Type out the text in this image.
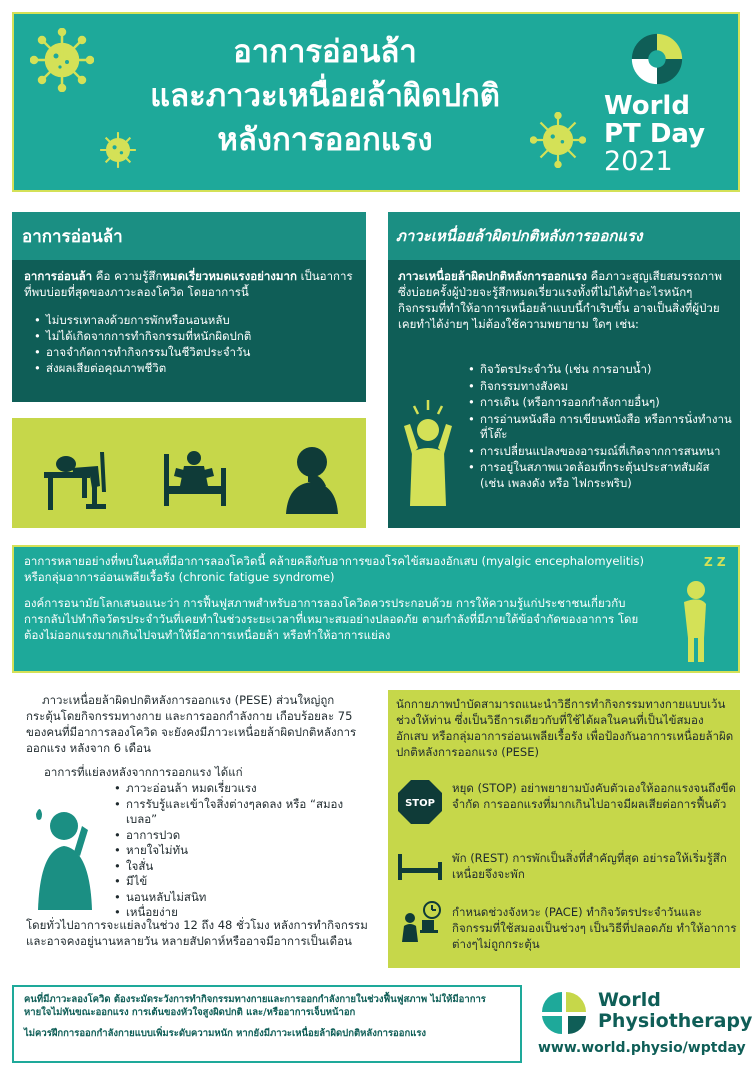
อาการอ่อนล้า
และภาวะเหนื่อยล้าผิดปกติ
หลังการออกแรง
World
PT Day
2021
อาการอ่อนล้า
อาการอ่อนล้า คือ ความรู้สึกหมดเรี่ยวหมดแรงอย่างมาก เป็นอาการที่พบบ่อยที่สุดของภาวะลองโควิด โดยอาการนี้
• ไม่บรรเทาลงด้วยการพักหรือนอนหลับ
• ไม่ได้เกิดจากการทำกิจกรรมที่หนักผิดปกติ
• อาจจำกัดการทำกิจกรรมในชีวิตประจำวัน
• ส่งผลเสียต่อคุณภาพชีวิต
ภาวะเหนื่อยล้าผิดปกติหลังการออกแรง
ภาวะเหนื่อยล้าผิดปกติหลังการออกแรง คือภาวะสูญเสียสมรรถภาพ ซึ่งบ่อยครั้งผู้ป่วยจะรู้สึกหมดเรี่ยวแรงทั้งที่ไม่ได้ทำอะไรหนักๆ กิจกรรมที่ทำให้อาการเหนื่อยล้าแบบนี้กำเริบขึ้น อาจเป็นสิ่งที่ผู้ป่วยเคยทำได้ง่ายๆ ไม่ต้องใช้ความพยายาม ใดๆ เช่น:
• กิจวัตรประจำวัน (เช่น การอาบน้ำ)
• กิจกรรมทางสังคม
• การเดิน (หรือการออกกำลังกายอื่นๆ)
• การอ่านหนังสือ การเขียนหนังสือ หรือการนั่งทำงานที่โต๊ะ
• การเปลี่ยนแปลงของอารมณ์ที่เกิดจากการสนทนา
• การอยู่ในสภาพแวดล้อมที่กระตุ้นประสาทสัมผัส (เช่น เพลงดัง หรือ ไฟกระพริบ)

อาการหลายอย่างที่พบในคนที่มีอาการลองโควิดนี้ คล้ายคลึงกับอาการของโรคไข้สมองอักเสบ (myalgic encephalomyelitis) หรือกลุ่มอาการอ่อนเพลียเรื้อรัง (chronic fatigue syndrome)

องค์การอนามัยโลกเสนอแนะว่า การฟื้นฟูสภาพสำหรับอาการลองโควิดควรประกอบด้วย การให้ความรู้แก่ประชาชนเกี่ยวกับการกลับไปทำกิจวัตรประจำวันที่เคยทำในช่วงระยะเวลาที่เหมาะสมอย่างปลอดภัย ตามกำลังที่มีภายใต้ข้อจำกัดของอาการ โดยต้องไม่ออกแรงมากเกินไปจนทำให้มีอาการเหนื่อยล้า หรือทำให้อาการแย่ลง

Z Z
ภาวะเหนื่อยล้าผิดปกติหลังการออกแรง (PESE) ส่วนใหญ่ถูกกระตุ้นโดยกิจกรรมทางกาย และการออกกำลังกาย เกือบร้อยละ 75 ของคนที่มีอาการลองโควิด จะยังคงมีภาวะเหนื่อยล้าผิดปกติหลังการออกแรง หลังจาก 6 เดือน
อาการที่แย่ลงหลังจากการออกแรง ได้แก่
• ภาวะอ่อนล้า หมดเรี่ยวแรง
• การรับรู้และเข้าใจสิ่งต่างๆลดลง หรือ “สมองเบลอ”
• อาการปวด
• หายใจไม่ทัน
• ใจสั่น
• มีไข้
• นอนหลับไม่สนิท
• เหนื่อยง่าย
โดยทั่วไปอาการจะแย่ลงในช่วง 12 ถึง 48 ชั่วโมง หลังการทำกิจกรรม และอาจคงอยู่นานหลายวัน หลายสัปดาห์หรืออาจมีอาการเป็นเดือน
นักกายภาพบำบัดสามารถแนะนำวิธีการทำกิจกรรมทางกายแบบเว้นช่วงให้ท่าน ซึ่งเป็นวิธีการเดียวกับที่ใช้ได้ผลในคนที่เป็นไข้สมองอักเสบ หรือกลุ่มอาการอ่อนเพลียเรื้อรัง เพื่อป้องกันอาการเหนื่อยล้าผิดปกติหลังการออกแรง (PESE)
STOP
หยุด (STOP) อย่าพยายามบังคับตัวเองให้ออกแรงจนถึงขีดจำกัด การออกแรงที่มากเกินไปอาจมีผลเสียต่อการฟื้นตัว
พัก (REST) การพักเป็นสิ่งที่สำคัญที่สุด อย่ารอให้เริ่มรู้สึกเหนื่อยจึงจะพัก
กำหนดช่วงจังหวะ (PACE) ทำกิจวัตรประจำวันและกิจกรรมที่ใช้สมองเป็นช่วงๆ เป็นวิธีที่ปลอดภัย ทำให้อาการต่างๆไม่ถูกกระตุ้น

คนที่มีภาวะลองโควิด ต้องระมัดระวังการทำกิจกรรมทางกายและการออกกำลังกายในช่วงฟื้นฟูสภาพ ไม่ให้มีอาการหายใจไม่ทันขณะออกแรง การเต้นของหัวใจสูงผิดปกติ และ/หรืออาการเจ็บหน้าอก

ไม่ควรฝึกการออกกำลังกายแบบเพิ่มระดับความหนัก หากยังมีภาวะเหนื่อยล้าผิดปกติหลังการออกแรง

World
Physiotherapy
www.world.physio/wptday
